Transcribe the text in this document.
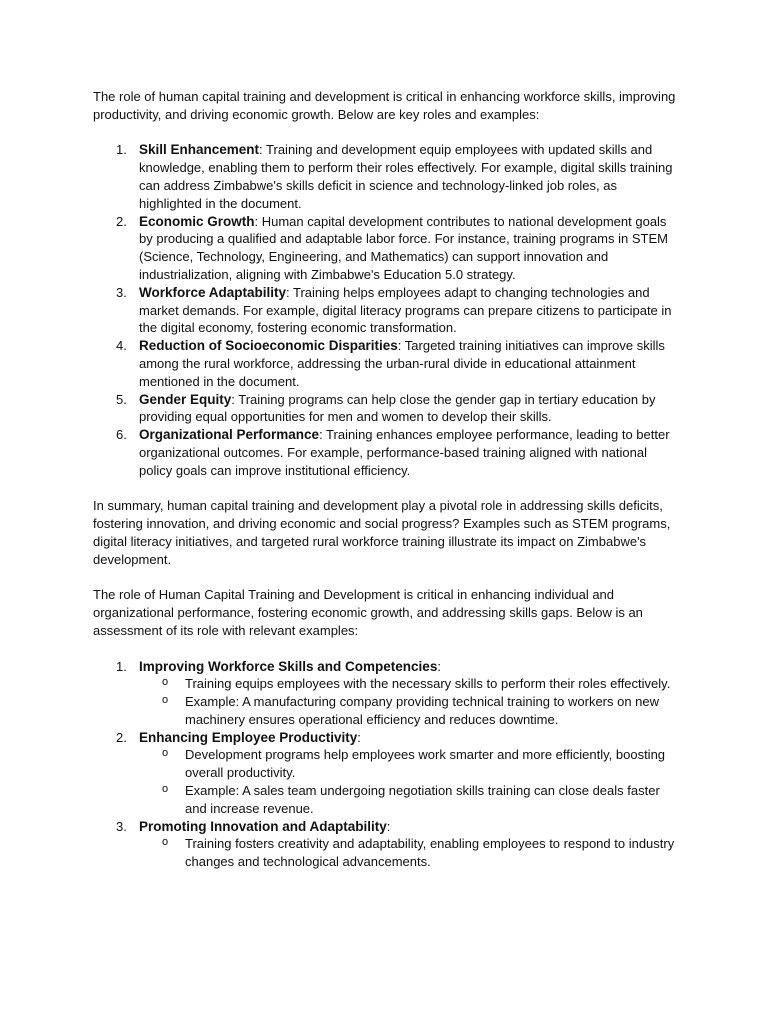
The role of human capital training and development is critical in enhancing workforce skills, improving productivity, and driving economic growth. Below are key roles and examples:

1. Skill Enhancement: Training and development equip employees with updated skills and knowledge, enabling them to perform their roles effectively. For example, digital skills training can address Zimbabwe's skills deficit in science and technology-linked job roles, as highlighted in the document.
2. Economic Growth: Human capital development contributes to national development goals by producing a qualified and adaptable labor force. For instance, training programs in STEM (Science, Technology, Engineering, and Mathematics) can support innovation and industrialization, aligning with Zimbabwe's Education 5.0 strategy.
3. Workforce Adaptability: Training helps employees adapt to changing technologies and market demands. For example, digital literacy programs can prepare citizens to participate in the digital economy, fostering economic transformation.
4. Reduction of Socioeconomic Disparities: Targeted training initiatives can improve skills among the rural workforce, addressing the urban-rural divide in educational attainment mentioned in the document.
5. Gender Equity: Training programs can help close the gender gap in tertiary education by providing equal opportunities for men and women to develop their skills.
6. Organizational Performance: Training enhances employee performance, leading to better organizational outcomes. For example, performance-based training aligned with national policy goals can improve institutional efficiency.

In summary, human capital training and development play a pivotal role in addressing skills deficits, fostering innovation, and driving economic and social progress? Examples such as STEM programs, digital literacy initiatives, and targeted rural workforce training illustrate its impact on Zimbabwe's development.

The role of Human Capital Training and Development is critical in enhancing individual and organizational performance, fostering economic growth, and addressing skills gaps. Below is an assessment of its role with relevant examples:

1. Improving Workforce Skills and Competencies:
o Training equips employees with the necessary skills to perform their roles effectively.
o Example: A manufacturing company providing technical training to workers on new machinery ensures operational efficiency and reduces downtime.
2. Enhancing Employee Productivity:
o Development programs help employees work smarter and more efficiently, boosting overall productivity.
o Example: A sales team undergoing negotiation skills training can close deals faster and increase revenue.
3. Promoting Innovation and Adaptability:
o Training fosters creativity and adaptability, enabling employees to respond to industry changes and technological advancements.
